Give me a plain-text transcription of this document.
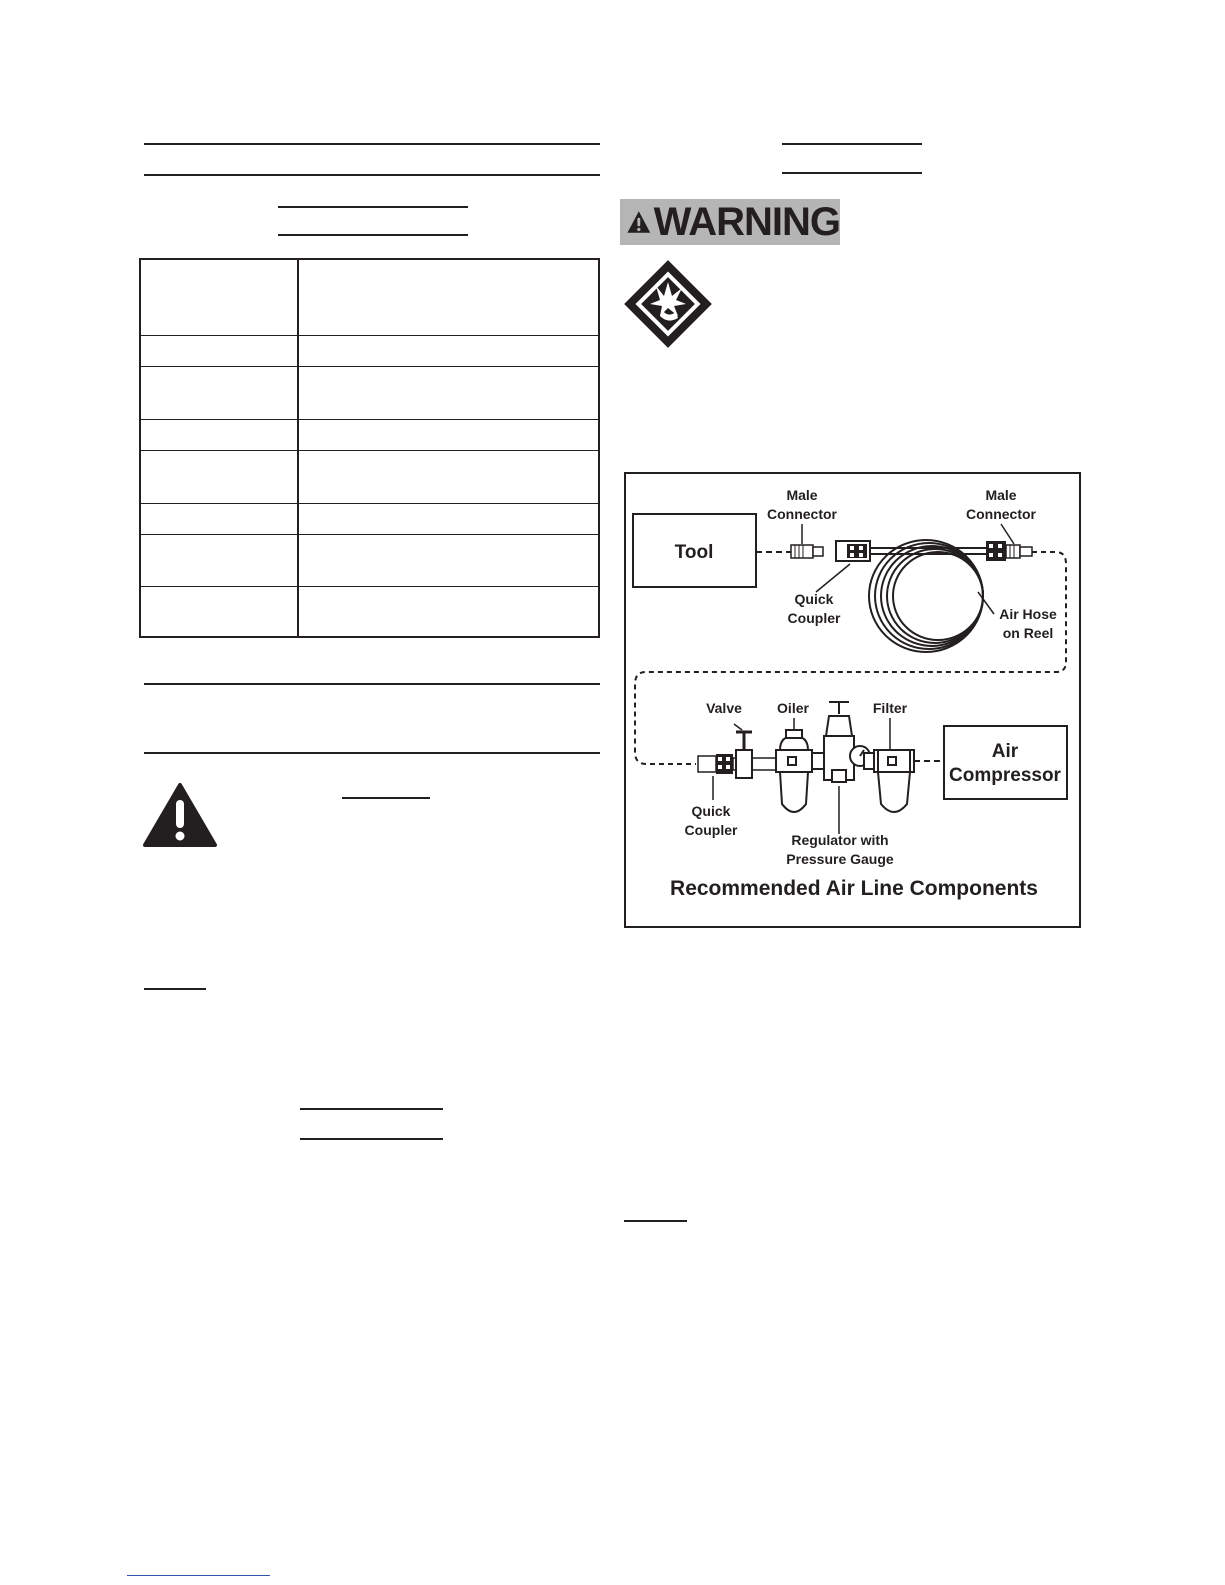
WARNING
Tool
Male
Connector
Quick
Coupler
Male
Connector
Air Hose
on Reel
Quick
Coupler
Valve	Oiler
Regulator with
Pressure Gauge
Filter
Air
Compressor
Recommended Air Line Components
